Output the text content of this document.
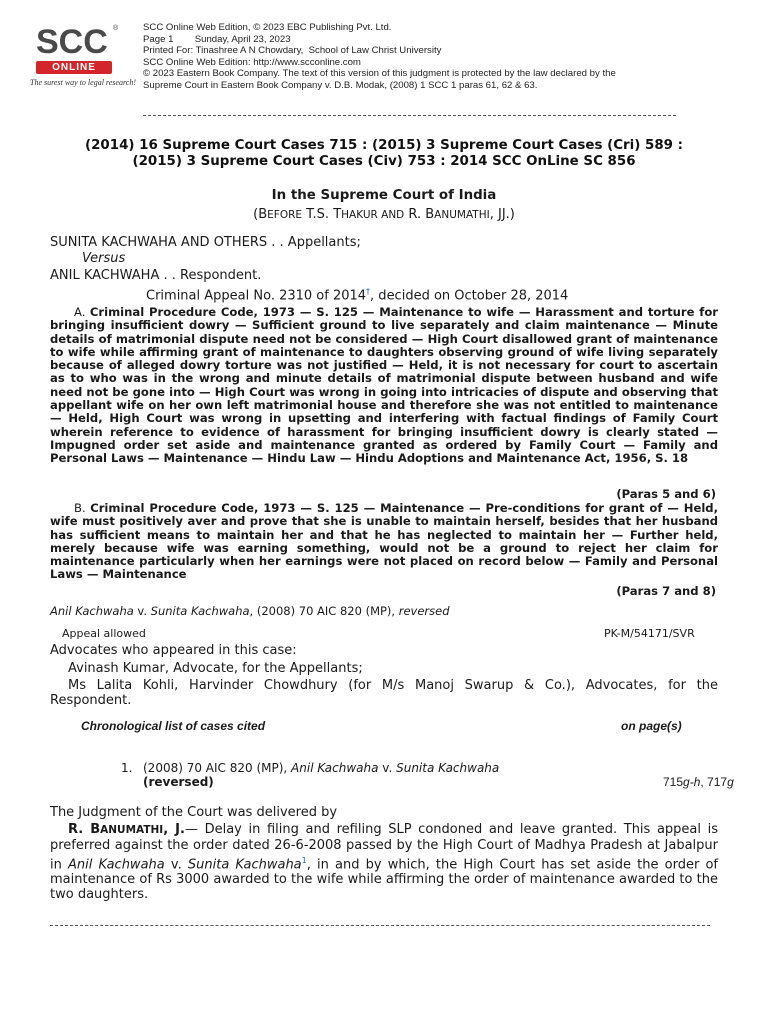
SCC ®
ONLINE
The surest way to legal research!
SCC Online Web Edition, © 2023 EBC Publishing Pvt. Ltd.
Page 1        Sunday, April 23, 2023
Printed For: Tinashree A N Chowdary,  School of Law Christ University
SCC Online Web Edition: http://www.scconline.com
© 2023 Eastern Book Company. The text of this version of this judgment is protected by the law declared by the Supreme Court in Eastern Book Company v. D.B. Modak, (2008) 1 SCC 1 paras 61, 62 & 63.
(2014) 16 Supreme Court Cases 715 : (2015) 3 Supreme Court Cases (Cri) 589 :
(2015) 3 Supreme Court Cases (Civ) 753 : 2014 SCC OnLine SC 856
In the Supreme Court of India
(BEFORE T.S. THAKUR AND R. BANUMATHI, JJ.)
SUNITA KACHWAHA AND OTHERS . . Appellants;
Versus
ANIL KACHWAHA . . Respondent.
Criminal Appeal No. 2310 of 2014†, decided on October 28, 2014
A. Criminal Procedure Code, 1973 — S. 125 — Maintenance to wife — Harassment and torture for bringing insufficient dowry — Sufficient ground to live separately and claim maintenance — Minute details of matrimonial dispute need not be considered — High Court disallowed grant of maintenance to wife while affirming grant of maintenance to daughters observing ground of wife living separately because of alleged dowry torture was not justified — Held, it is not necessary for court to ascertain as to who was in the wrong and minute details of matrimonial dispute between husband and wife need not be gone into — High Court was wrong in going into intricacies of dispute and observing that appellant wife on her own left matrimonial house and therefore she was not entitled to maintenance — Held, High Court was wrong in upsetting and interfering with factual findings of Family Court wherein reference to evidence of harassment for bringing insufficient dowry is clearly stated — Impugned order set aside and maintenance granted as ordered by Family Court — Family and Personal Laws — Maintenance — Hindu Law — Hindu Adoptions and Maintenance Act, 1956, S. 18
(Paras 5 and 6)
B. Criminal Procedure Code, 1973 — S. 125 — Maintenance — Pre-conditions for grant of — Held, wife must positively aver and prove that she is unable to maintain herself, besides that her husband has sufficient means to maintain her and that he has neglected to maintain her — Further held, merely because wife was earning something, would not be a ground to reject her claim for maintenance particularly when her earnings were not placed on record below — Family and Personal Laws — Maintenance
(Paras 7 and 8)
Anil Kachwaha v. Sunita Kachwaha, (2008) 70 AIC 820 (MP), reversed
Appeal allowed	PK-M/54171/SVR
Advocates who appeared in this case:
Avinash Kumar, Advocate, for the Appellants;
Ms Lalita Kohli, Harvinder Chowdhury (for M/s Manoj Swarup & Co.), Advocates, for the Respondent.
Chronological list of cases cited	on page(s)
1. (2008) 70 AIC 820 (MP), Anil Kachwaha v. Sunita Kachwaha
(reversed)	715g-h, 717g
The Judgment of the Court was delivered by
R. BANUMATHI, J.— Delay in filing and refiling SLP condoned and leave granted. This appeal is preferred against the order dated 26-6-2008 passed by the High Court of Madhya Pradesh at Jabalpur in Anil Kachwaha v. Sunita Kachwaha$^1$, in and by which, the High Court has set aside the order of maintenance of Rs 3000 awarded to the wife while affirming the order of maintenance awarded to the two daughters.
